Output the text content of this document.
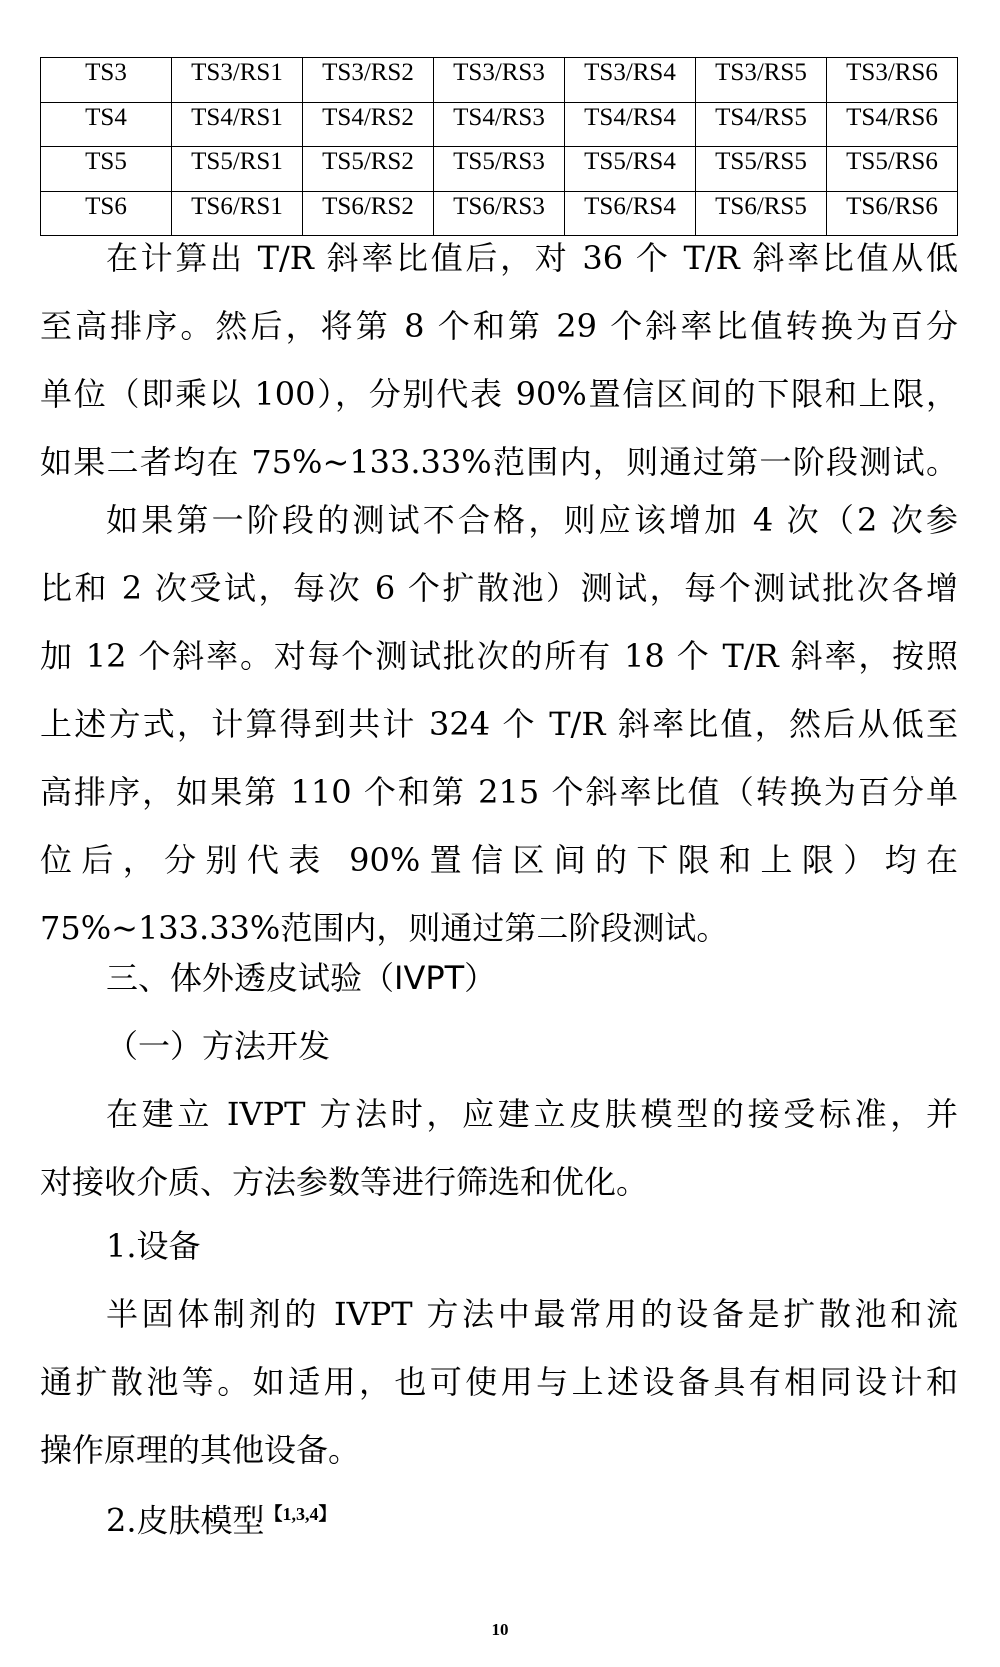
TS3	TS3/RS1	TS3/RS2	TS3/RS3	TS3/RS4	TS3/RS5	TS3/RS6
TS4	TS4/RS1	TS4/RS2	TS4/RS3	TS4/RS4	TS4/RS5	TS4/RS6
TS5	TS5/RS1	TS5/RS2	TS5/RS3	TS5/RS4	TS5/RS5	TS5/RS6
TS6	TS6/RS1	TS6/RS2	TS6/RS3	TS6/RS4	TS6/RS5	TS6/RS6
在计算出 T/R 斜率比值后，对 36 个 T/R 斜率比值从低
至高排序。然后，将第 8 个和第 29 个斜率比值转换为百分
单位（即乘以 100），分别代表 90%置信区间的下限和上限，
如果二者均在 75%~133.33%范围内，则通过第一阶段测试。
如果第一阶段的测试不合格，则应该增加 4 次（2 次参
比和 2 次受试，每次 6 个扩散池）测试，每个测试批次各增
加 12 个斜率。对每个测试批次的所有 18 个 T/R 斜率，按照
上述方式，计算得到共计 324 个 T/R 斜率比值，然后从低至
高排序，如果第 110 个和第 215 个斜率比值（转换为百分单
位后，分别代表 90%置信区间的下限和上限）均在
75%~133.33%范围内，则通过第二阶段测试。

三、体外透皮试验（IVPT）

（一）方法开发

在建立 IVPT 方法时，应建立皮肤模型的接受标准，并
对接收介质、方法参数等进行筛选和优化。

1.设备

半固体制剂的 IVPT 方法中最常用的设备是扩散池和流
通扩散池等。如适用，也可使用与上述设备具有相同设计和
操作原理的其他设备。

2.皮肤模型$^{【1,3,4】}$

10
